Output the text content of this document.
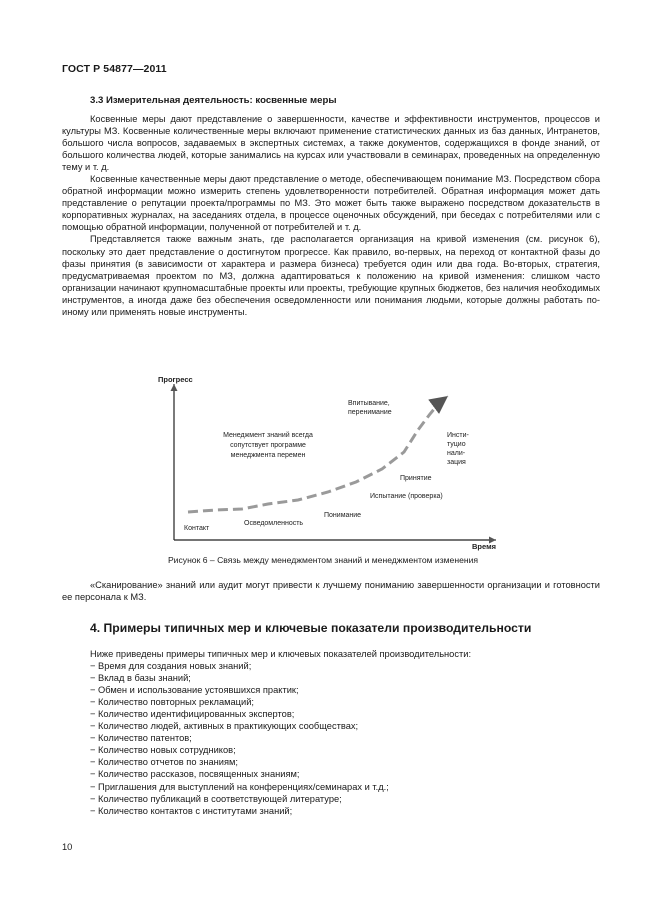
ГОСТ Р 54877—2011
3.3 Измерительная деятельность: косвенные меры

Косвенные меры дают представление о завершенности, качестве и эффективности инструментов, процессов и культуры МЗ. Косвенные количественные меры включают применение статистических данных из баз данных, Интранетов, большого числа вопросов, задаваемых в экспертных системах, а также документов, содержащихся в фонде знаний, от большого количества людей, которые занимались на курсах или участвовали в семинарах, проведенных на определенную тему и т. д.

Косвенные качественные меры дают представление о методе, обеспечивающем понимание МЗ. Посредством сбора обратной информации можно измерить степень удовлетворенности потребителей. Обратная информация может дать представление о репутации проекта/программы по МЗ. Это может быть также выражено посредством доказательств в корпоративных журналах, на заседаниях отдела, в процессе оценочных обсуждений, при беседах с потребителями или с помощью обратной информации, полученной от потребителей и т. д.

Представляется также важным знать, где располагается организация на кривой изменения (см. рисунок 6), поскольку это дает представление о достигнутом прогрессе. Как правило, во-первых, на переход от контактной фазы до фазы принятия (в зависимости от характера и размера бизнеса) требуется один или два года. Во-вторых, стратегия, предусматриваемая проектом по МЗ, должна адаптироваться к положению на кривой изменения: слишком часто организации начинают крупномасштабные проекты или проекты, требующие крупных бюджетов, без наличия необходимых инструментов, а иногда даже без обеспечения осведомленности или понимания людьми, которые должны работать по-иному или применять новые инструменты.

Прогресс
Время
Менеджмент знаний всегда
сопутствует программе
менеджмента перемен
Контакт
Осведомленность
Понимание
Испытание (проверка)
Принятие
Инсти-
туцио
нали-
зация
Впитывание,
перенимание
Рисунок 6 – Связь между менеджментом знаний и менеджментом изменения

«Сканирование» знаний или аудит могут привести к лучшему пониманию завершенности организации и готовности ее персонала к МЗ.

4. Примеры типичных мер и ключевые показатели производительности
Ниже приведены примеры типичных мер и ключевых показателей производительности:
− Время для создания новых знаний;
− Вклад в базы знаний;
− Обмен и использование устоявшихся практик;
− Количество повторных рекламаций;
− Количество идентифицированных экспертов;
− Количество людей, активных в практикующих сообществах;
− Количество патентов;
− Количество новых сотрудников;
− Количество отчетов по знаниям;
− Количество рассказов, посвященных знаниям;
− Приглашения для выступлений на конференциях/семинарах и т.д.;
− Количество публикаций в соответствующей литературе;
− Количество контактов с институтами знаний;
10
